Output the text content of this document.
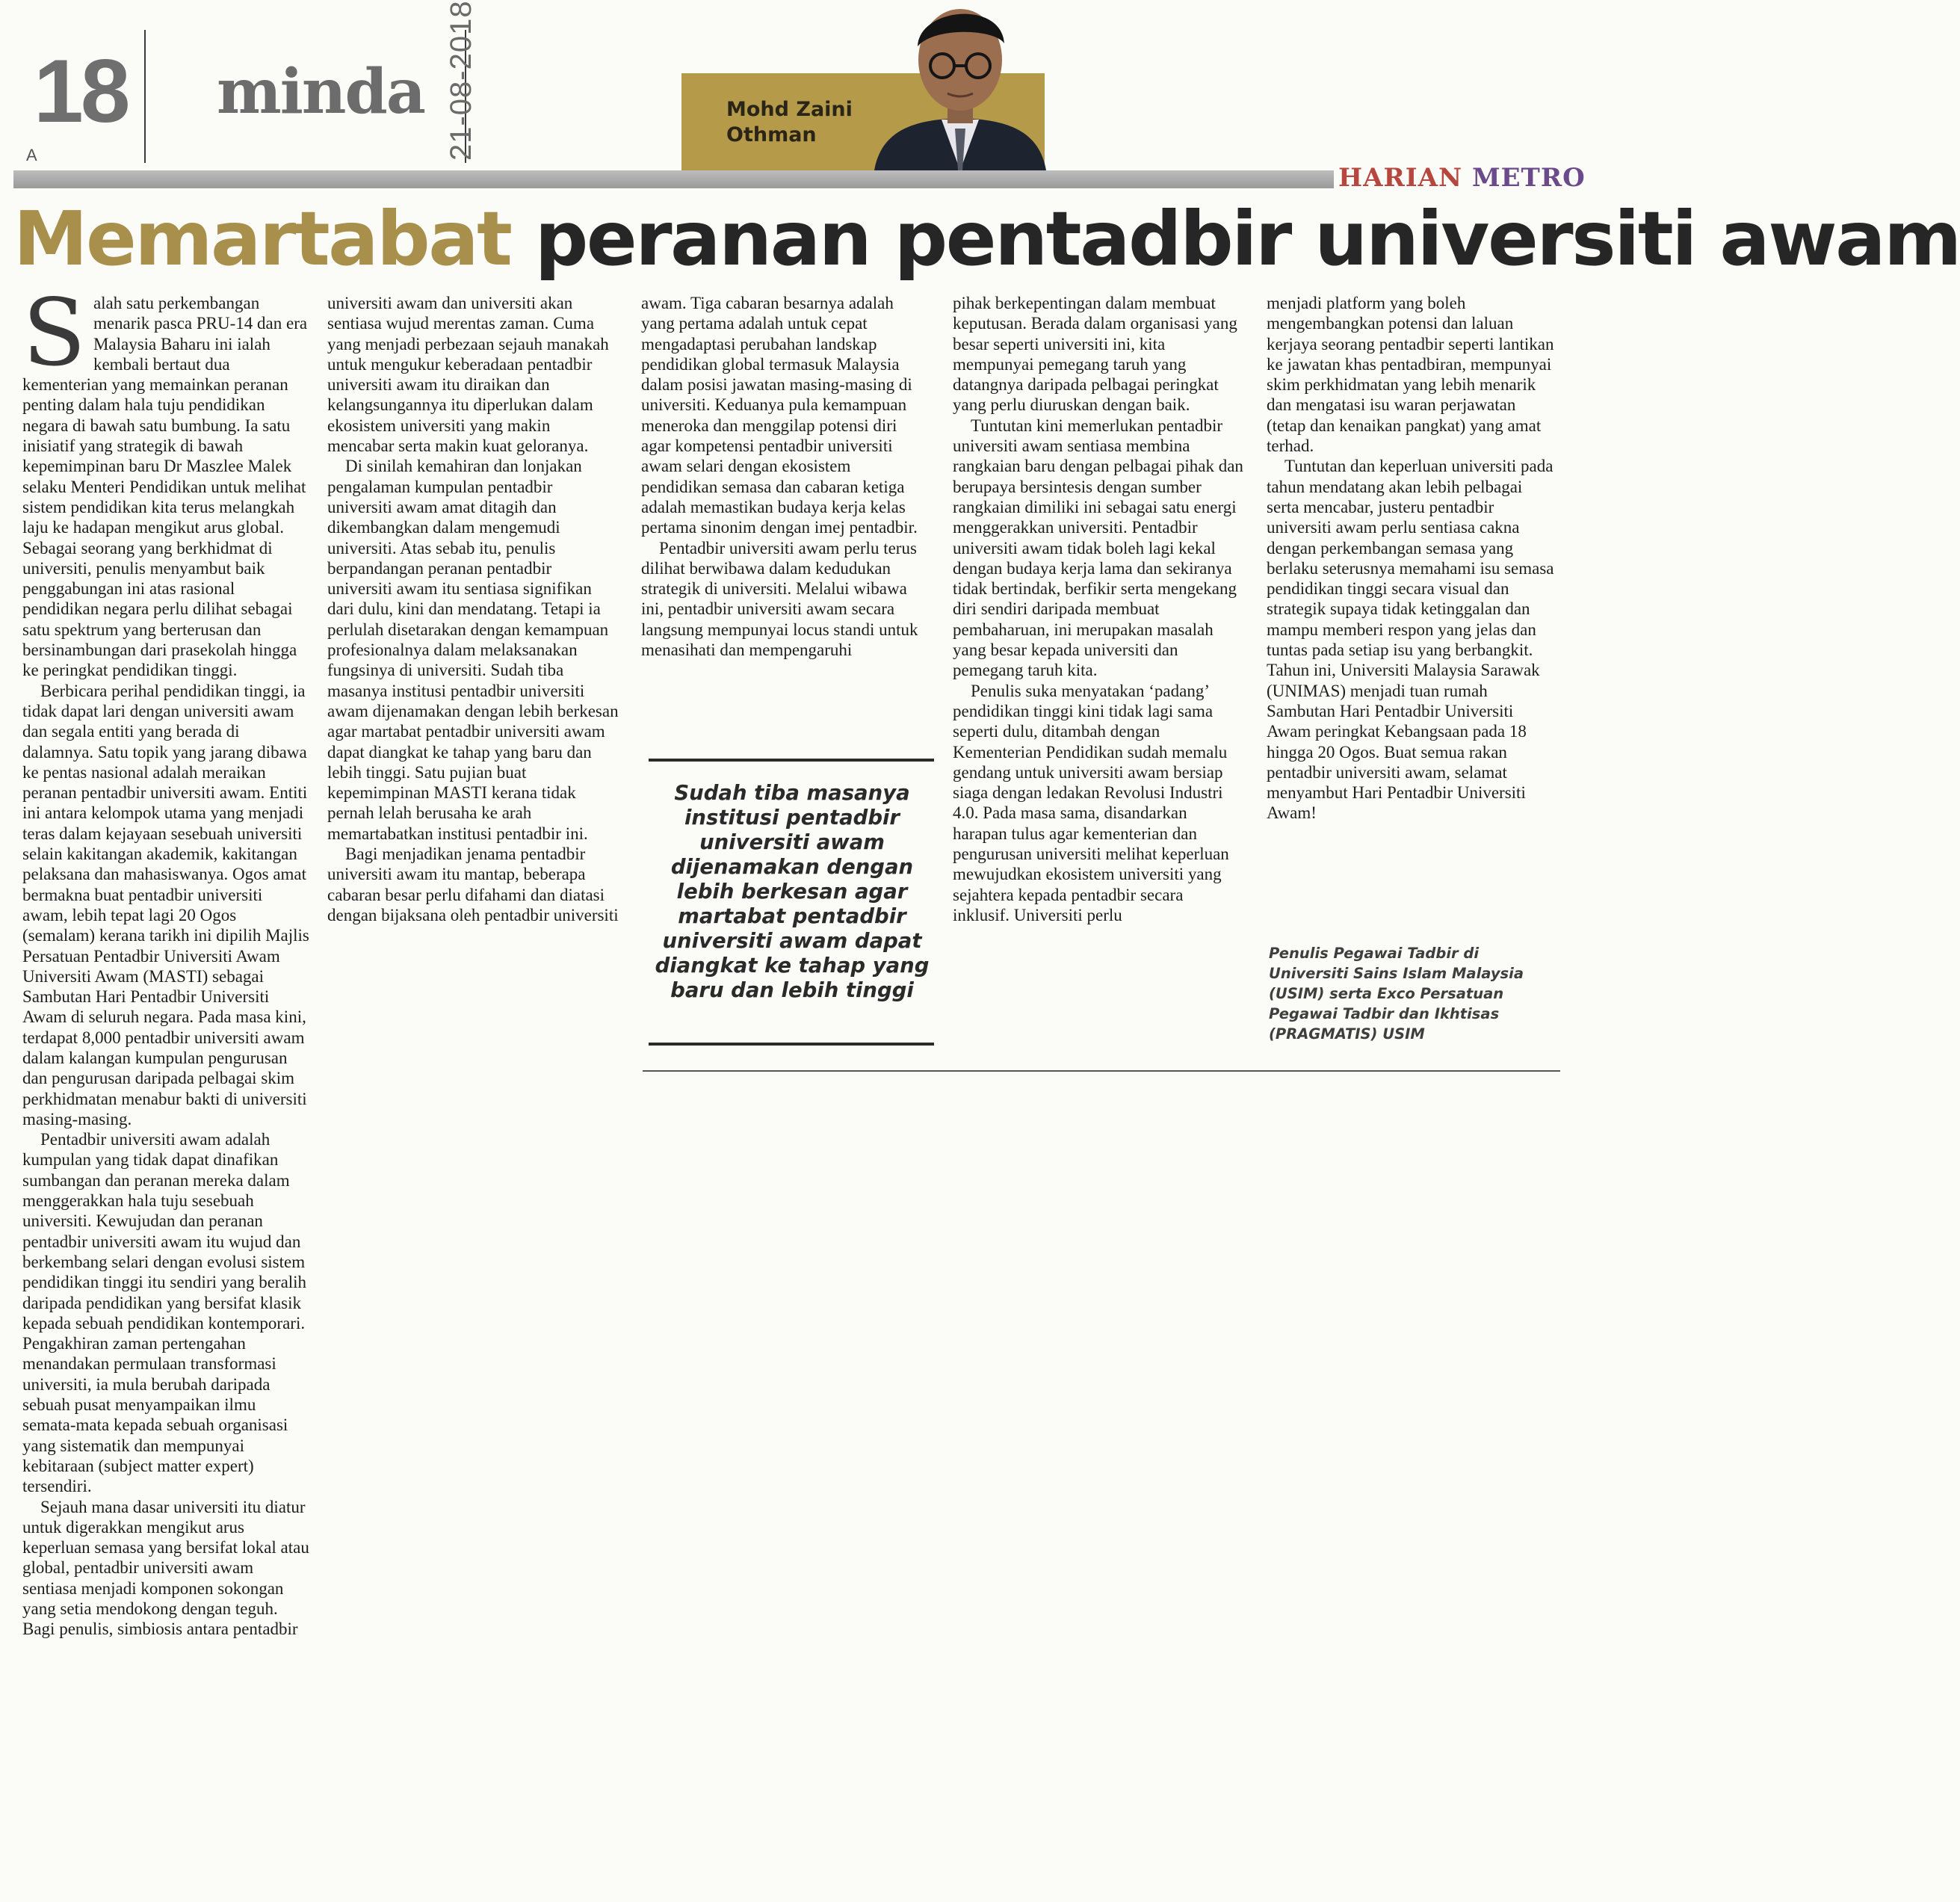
18
A
minda 21-08-2018	Mohd Zaini
Othman
HARIAN METRO
Memartabat peranan pentadbir universiti awam
S alah satu perkembangan menarik pasca PRU-14 dan era Malaysia Baharu ini ialah kembali bertaut dua kementerian yang memainkan peranan penting dalam hala tuju pendidikan negara di bawah satu bumbung. Ia satu inisiatif yang strategik di bawah kepemimpinan baru Dr Maszlee Malek selaku Menteri Pendidikan untuk melihat sistem pendidikan kita terus melangkah laju ke hadapan mengikut arus global. Sebagai seorang yang berkhidmat di universiti, penulis menyambut baik penggabungan ini atas rasional pendidikan negara perlu dilihat sebagai satu spektrum yang berterusan dan bersinambungan dari prasekolah hingga ke peringkat pendidikan tinggi.

Berbicara perihal pendidikan tinggi, ia tidak dapat lari dengan universiti awam dan segala entiti yang berada di dalamnya. Satu topik yang jarang dibawa ke pentas nasional adalah meraikan peranan pentadbir universiti awam. Entiti ini antara kelompok utama yang menjadi teras dalam kejayaan sesebuah universiti selain kakitangan akademik, kakitangan pelaksana dan mahasiswanya. Ogos amat bermakna buat pentadbir universiti awam, lebih tepat lagi 20 Ogos (semalam) kerana tarikh ini dipilih Majlis Persatuan Pentadbir Universiti Awam Universiti Awam (MASTI) sebagai Sambutan Hari Pentadbir Universiti Awam di seluruh negara. Pada masa kini, terdapat 8,000 pentadbir universiti awam dalam kalangan kumpulan pengurusan dan pengurusan daripada pelbagai skim perkhidmatan menabur bakti di universiti masing-masing.

Pentadbir universiti awam adalah kumpulan yang tidak dapat dinafikan sumbangan dan peranan mereka dalam menggerakkan hala tuju sesebuah universiti. Kewujudan dan peranan pentadbir universiti awam itu wujud dan berkembang selari dengan evolusi sistem pendidikan tinggi itu sendiri yang beralih daripada pendidikan yang bersifat klasik kepada sebuah pendidikan kontemporari. Pengakhiran zaman pertengahan menandakan permulaan transformasi universiti, ia mula berubah daripada sebuah pusat menyampaikan ilmu semata-mata kepada sebuah organisasi yang sistematik dan mempunyai kebitaraan (subject matter expert) tersendiri.

Sejauh mana dasar universiti itu diatur untuk digerakkan mengikut arus keperluan semasa yang bersifat lokal atau global, pentadbir universiti awam sentiasa menjadi komponen sokongan yang setia mendokong dengan teguh. Bagi penulis, simbiosis antara pentadbir

universiti awam dan universiti akan sentiasa wujud merentas zaman. Cuma yang menjadi perbezaan sejauh manakah untuk mengukur keberadaan pentadbir universiti awam itu diraikan dan kelangsungannya itu diperlukan dalam ekosistem universiti yang makin mencabar serta makin kuat geloranya.

Di sinilah kemahiran dan lonjakan pengalaman kumpulan pentadbir universiti awam amat ditagih dan dikembangkan dalam mengemudi universiti. Atas sebab itu, penulis berpandangan peranan pentadbir universiti awam itu sentiasa signifikan dari dulu, kini dan mendatang. Tetapi ia perlulah disetarakan dengan kemampuan profesionalnya dalam melaksanakan fungsinya di universiti. Sudah tiba masanya institusi pentadbir universiti awam dijenamakan dengan lebih berkesan agar martabat pentadbir universiti awam dapat diangkat ke tahap yang baru dan lebih tinggi. Satu pujian buat kepemimpinan MASTI kerana tidak pernah lelah berusaha ke arah memartabatkan institusi pentadbir ini.

Bagi menjadikan jenama pentadbir universiti awam itu mantap, beberapa cabaran besar perlu difahami dan diatasi dengan bijaksana oleh pentadbir universiti

awam. Tiga cabaran besarnya adalah yang pertama adalah untuk cepat mengadaptasi perubahan landskap pendidikan global termasuk Malaysia dalam posisi jawatan masing-masing di universiti. Keduanya pula kemampuan meneroka dan menggilap potensi diri agar kompetensi pentadbir universiti awam selari dengan ekosistem pendidikan semasa dan cabaran ketiga adalah memastikan budaya kerja kelas pertama sinonim dengan imej pentadbir.

Pentadbir universiti awam perlu terus dilihat berwibawa dalam kedudukan strategik di universiti. Melalui wibawa ini, pentadbir universiti awam secara langsung mempunyai locus standi untuk menasihati dan mempengaruhi

Sudah tiba masanya institusi pentadbir universiti awam dijenamakan dengan lebih berkesan agar martabat pentadbir universiti awam dapat diangkat ke tahap yang baru dan lebih tinggi

pihak berkepentingan dalam membuat keputusan. Berada dalam organisasi yang besar seperti universiti ini, kita mempunyai pemegang taruh yang datangnya daripada pelbagai peringkat yang perlu diuruskan dengan baik.

Tuntutan kini memerlukan pentadbir universiti awam sentiasa membina rangkaian baru dengan pelbagai pihak dan berupaya bersintesis dengan sumber rangkaian dimiliki ini sebagai satu energi menggerakkan universiti. Pentadbir universiti awam tidak boleh lagi kekal dengan budaya kerja lama dan sekiranya tidak bertindak, berfikir serta mengekang diri sendiri daripada membuat pembaharuan, ini merupakan masalah yang besar kepada universiti dan pemegang taruh kita.

Penulis suka menyatakan ‘padang’ pendidikan tinggi kini tidak lagi sama seperti dulu, ditambah dengan Kementerian Pendidikan sudah memalu gendang untuk universiti awam bersiap siaga dengan ledakan Revolusi Industri 4.0. Pada masa sama, disandarkan harapan tulus agar kementerian dan pengurusan universiti melihat keperluan mewujudkan ekosistem universiti yang sejahtera kepada pentadbir secara inklusif. Universiti perlu

menjadi platform yang boleh mengembangkan potensi dan laluan kerjaya seorang pentadbir seperti lantikan ke jawatan khas pentadbiran, mempunyai skim perkhidmatan yang lebih menarik dan mengatasi isu waran perjawatan (tetap dan kenaikan pangkat) yang amat terhad.

Tuntutan dan keperluan universiti pada tahun mendatang akan lebih pelbagai serta mencabar, justeru pentadbir universiti awam perlu sentiasa cakna dengan perkembangan semasa yang berlaku seterusnya memahami isu semasa pendidikan tinggi secara visual dan strategik supaya tidak ketinggalan dan mampu memberi respon yang jelas dan tuntas pada setiap isu yang berbangkit. Tahun ini, Universiti Malaysia Sarawak (UNIMAS) menjadi tuan rumah Sambutan Hari Pentadbir Universiti Awam peringkat Kebangsaan pada 18 hingga 20 Ogos. Buat semua rakan pentadbir universiti awam, selamat menyambut Hari Pentadbir Universiti Awam!

Penulis Pegawai Tadbir di Universiti Sains Islam Malaysia (USIM) serta Exco Persatuan Pegawai Tadbir dan Ikhtisas (PRAGMATIS) USIM
